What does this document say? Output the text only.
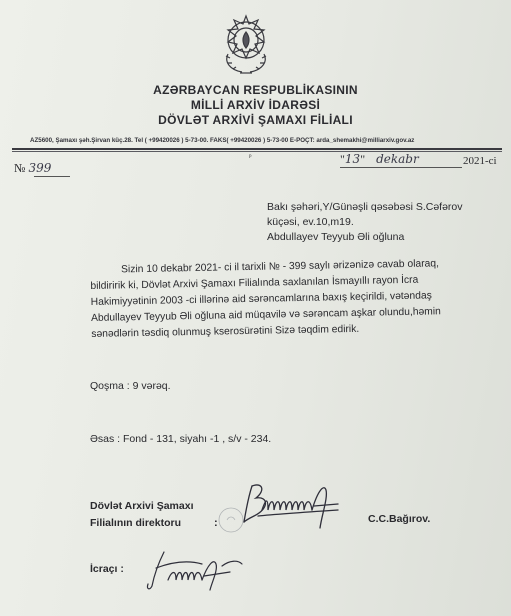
AZƏRBAYCAN RESPUBLİKASININ
MİLLİ ARXİV İDARƏSİ
DÖVLƏT ARXİVİ ŞAMAXI FİLİALI
AZ5600, Şamaxı şəh.Şirvan küç.28. Tel ( +99420026 ) 5-73-00. FAKS( +99420026 ) 5-73-00 E-POÇT: arda_shemakhi@milliarxiv.gov.az
ᵖ
№ 399
"13" dekabr	2021-ci
Bakı şəhəri,Y/Günəşli qəsəbəsi S.Cəfərov
küçəsi, ev.10,m19.
Abdullayev Teyyub Əli oğluna

Sizin 10 dekabr 2021- ci il tarixli № - 399 saylı ərizənizə cavab olaraq,

bildiririk ki, Dövlət Arxivi Şamaxı Filialında saxlanılan İsmayıllı rayon İcra

Hakimiyyətinin 2003 -ci illərinə aid sərəncamlarına baxış keçirildi, vətəndaş

Abdullayev Teyyub Əli oğluna aid müqavilə və sərəncam aşkar olundu,həmin

sənədlərin təsdiq olunmuş kserosürətini Sizə təqdim edirik.

Qoşma : 9 vərəq.
Əsas : Fond - 131, siyahı -1 , s/v - 234.
Dövlət Arxivi Şamaxı
Filialının direktoru	:	C.C.Bağırov.
İcraçı :
